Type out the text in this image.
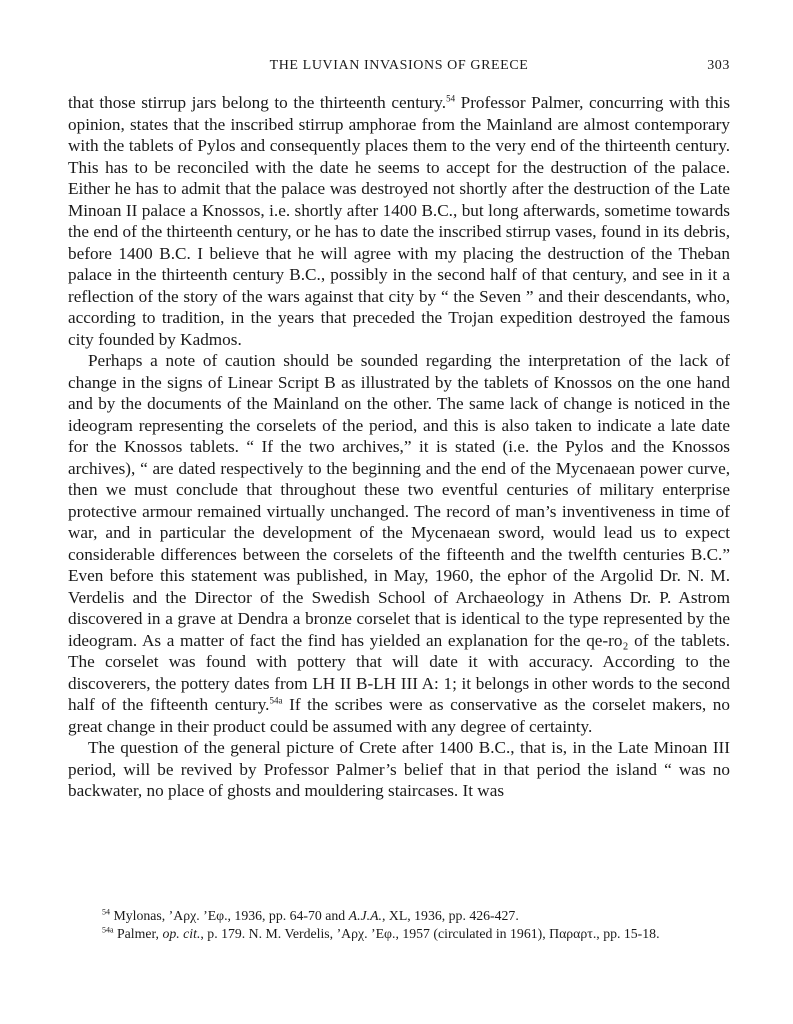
THE LUVIAN INVASIONS OF GREECE	303

that those stirrup jars belong to the thirteenth century.$^{54}$ Professor Palmer, concurring with this opinion, states that the inscribed stirrup amphorae from the Mainland are almost contemporary with the tablets of Pylos and consequently places them to the very end of the thirteenth century. This has to be reconciled with the date he seems to accept for the destruction of the palace. Either he has to admit that the palace was destroyed not shortly after the destruction of the Late Minoan II palace a Knossos, i.e. shortly after 1400 B.C., but long afterwards, sometime towards the end of the thirteenth century, or he has to date the inscribed stirrup vases, found in its debris, before 1400 B.C. I believe that he will agree with my placing the destruction of the Theban palace in the thirteenth century B.C., possibly in the second half of that century, and see in it a reflection of the story of the wars against that city by “ the Seven ” and their descendants, who, according to tradition, in the years that preceded the Trojan expedition destroyed the famous city founded by Kadmos.

Perhaps a note of caution should be sounded regarding the interpretation of the lack of change in the signs of Linear Script B as illustrated by the tablets of Knossos on the one hand and by the documents of the Mainland on the other. The same lack of change is noticed in the ideogram representing the corselets of the period, and this is also taken to indicate a late date for the Knossos tablets. “ If the two archives,” it is stated (i.e. the Pylos and the Knossos archives), “ are dated respectively to the beginning and the end of the Mycenaean power curve, then we must conclude that throughout these two eventful centuries of military enterprise protective armour remained virtually unchanged. The record of man’s inventiveness in time of war, and in particular the development of the Mycenaean sword, would lead us to expect considerable differences between the corselets of the fifteenth and the twelfth centuries B.C.” Even before this statement was published, in May, 1960, the ephor of the Argolid Dr. N. M. Verdelis and the Director of the Swedish School of Archaeology in Athens Dr. P. Astrom discovered in a grave at Dendra a bronze corselet that is identical to the type represented by the ideogram. As a matter of fact the find has yielded an explanation for the qe-ro₂ of the tablets. The corselet was found with pottery that will date it with accuracy. According to the discoverers, the pottery dates from LH II B-LH III A: 1; it belongs in other words to the second half of the fifteenth century.$^{54a}$ If the scribes were as conservative as the corselet makers, no great change in their product could be assumed with any degree of certainty.

The question of the general picture of Crete after 1400 B.C., that is, in the Late Minoan III period, will be revived by Professor Palmer’s belief that in that period the island “ was no backwater, no place of ghosts and mouldering staircases. It was

$^{54}$ Mylonas, ’Αρχ. ’Εφ., 1936, pp. 64-70 and A.J.A., XL, 1936, pp. 426-427.

$^{54a}$ Palmer, op. cit., p. 179. N. M. Verdelis, ’Αρχ. ’Εφ., 1957 (circulated in 1961), Παραρτ., pp. 15-18.
